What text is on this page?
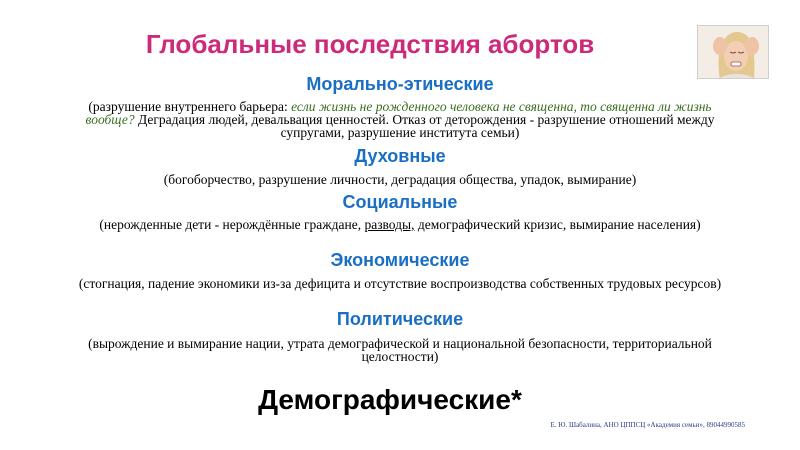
Глобальные последствия абортов
Морально-этические
(разрушение внутреннего барьера: если жизнь не рожденного человека не священна, то священна ли жизнь вообще? Деградация людей, девальвация ценностей. Отказ от деторождения - разрушение отношений между супругами, разрушение института семьи)
Духовные
(богоборчество, разрушение личности, деградация общества, упадок, вымирание)
Социальные
(нерожденные дети - нерождённые граждане, разводы, демографический кризис, вымирание населения)
Экономические
(стогнация, падение экономики из-за дефицита и отсутствие воспроизводства собственных трудовых ресурсов)
Политические
(вырождение и вымирание нации, утрата демографической и национальной безопасности, территориальной целостности)
Демографические*
Е. Ю. Шабалина, АНО ЦППСЦ «Академия семьи», 89044990585
